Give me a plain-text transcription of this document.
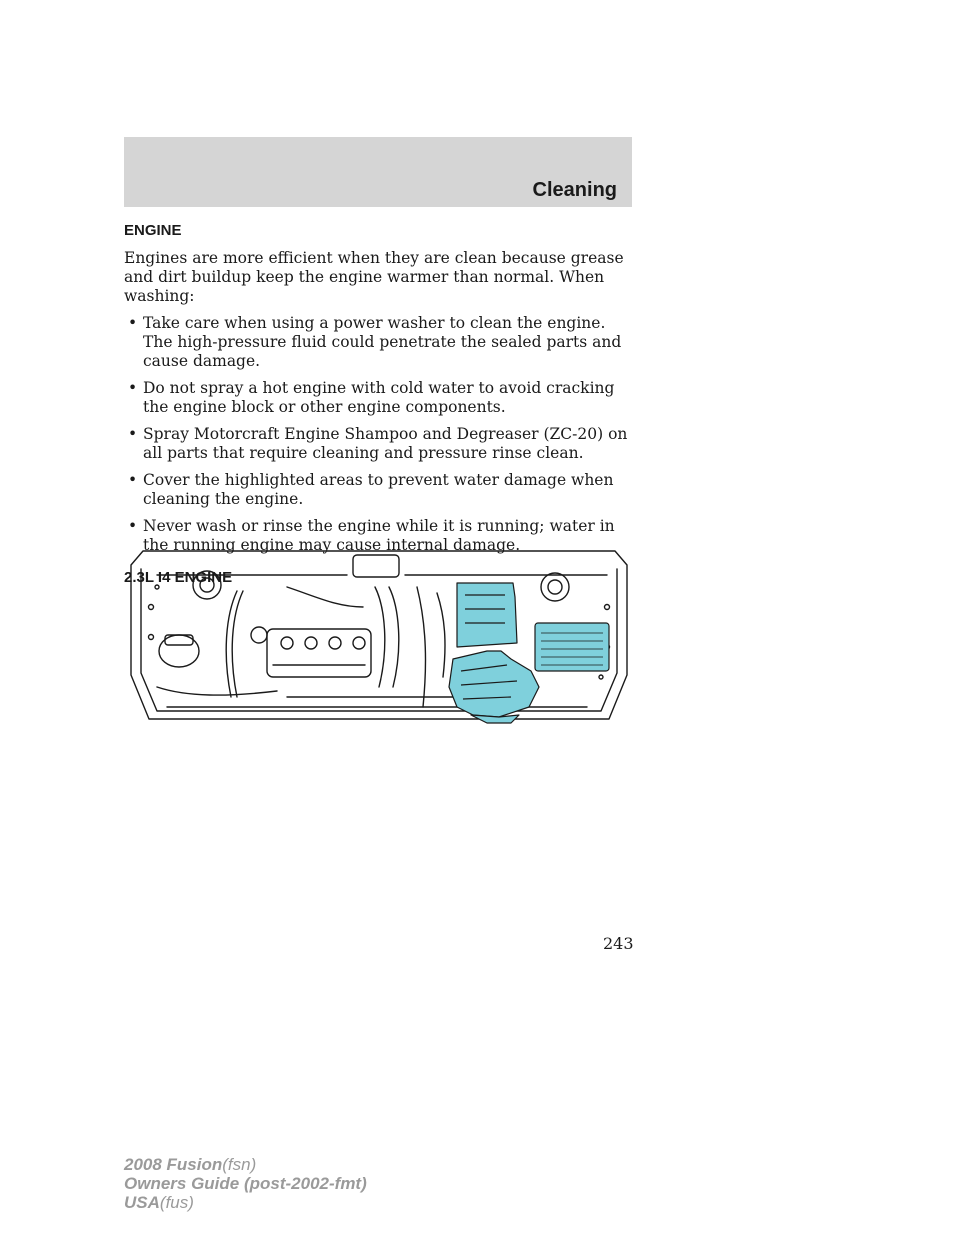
Cleaning
ENGINE

Engines are more efficient when they are clean because grease and dirt buildup keep the engine warmer than normal. When washing:

• Take care when using a power washer to clean the engine. The high-pressure fluid could penetrate the sealed parts and cause damage.
• Do not spray a hot engine with cold water to avoid cracking the engine block or other engine components.
• Spray Motorcraft Engine Shampoo and Degreaser (ZC-20) on all parts that require cleaning and pressure rinse clean.
• Cover the highlighted areas to prevent water damage when cleaning the engine.
• Never wash or rinse the engine while it is running; water in the running engine may cause internal damage.
2.3L I4 ENGINE
243
2008 Fusion(fsn)
Owners Guide (post-2002-fmt)
USA(fus)
